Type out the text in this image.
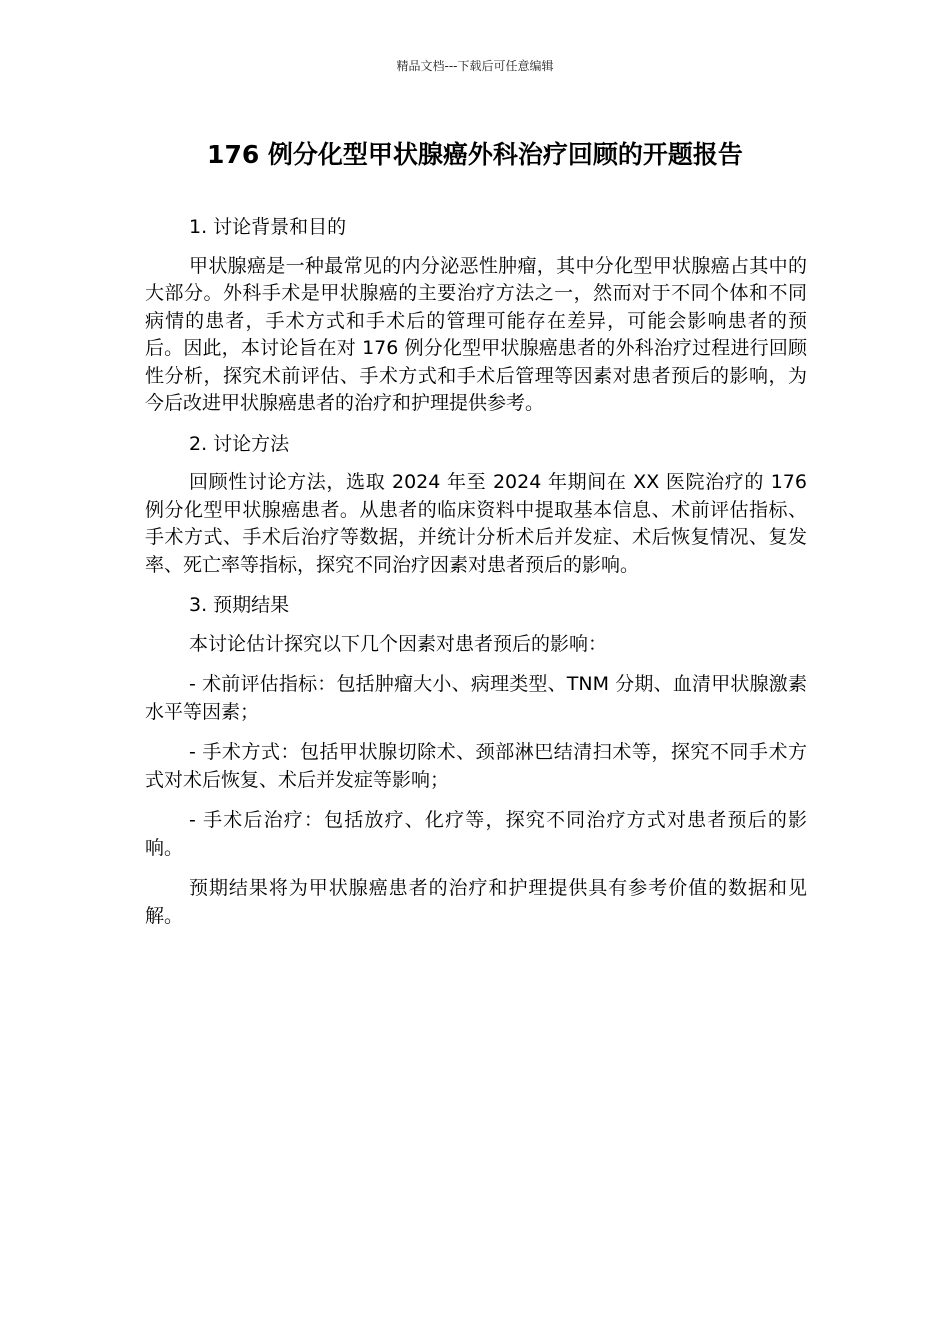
精品文档---下载后可任意编辑
176 例分化型甲状腺癌外科治疗回顾的开题报告

1. 讨论背景和目的

甲状腺癌是一种最常见的内分泌恶性肿瘤，其中分化型甲状腺癌占其中的大部分。外科手术是甲状腺癌的主要治疗方法之一，然而对于不同个体和不同病情的患者，手术方式和手术后的管理可能存在差异，可能会影响患者的预后。因此，本讨论旨在对 176 例分化型甲状腺癌患者的外科治疗过程进行回顾性分析，探究术前评估、手术方式和手术后管理等因素对患者预后的影响，为今后改进甲状腺癌患者的治疗和护理提供参考。

2. 讨论方法

回顾性讨论方法，选取 2024 年至 2024 年期间在 XX 医院治疗的 176 例分化型甲状腺癌患者。从患者的临床资料中提取基本信息、术前评估指标、手术方式、手术后治疗等数据，并统计分析术后并发症、术后恢复情况、复发率、死亡率等指标，探究不同治疗因素对患者预后的影响。

3. 预期结果

本讨论估计探究以下几个因素对患者预后的影响：

- 术前评估指标：包括肿瘤大小、病理类型、TNM 分期、血清甲状腺激素水平等因素；

- 手术方式：包括甲状腺切除术、颈部淋巴结清扫术等，探究不同手术方式对术后恢复、术后并发症等影响；

- 手术后治疗：包括放疗、化疗等，探究不同治疗方式对患者预后的影响。

预期结果将为甲状腺癌患者的治疗和护理提供具有参考价值的数据和见解。
